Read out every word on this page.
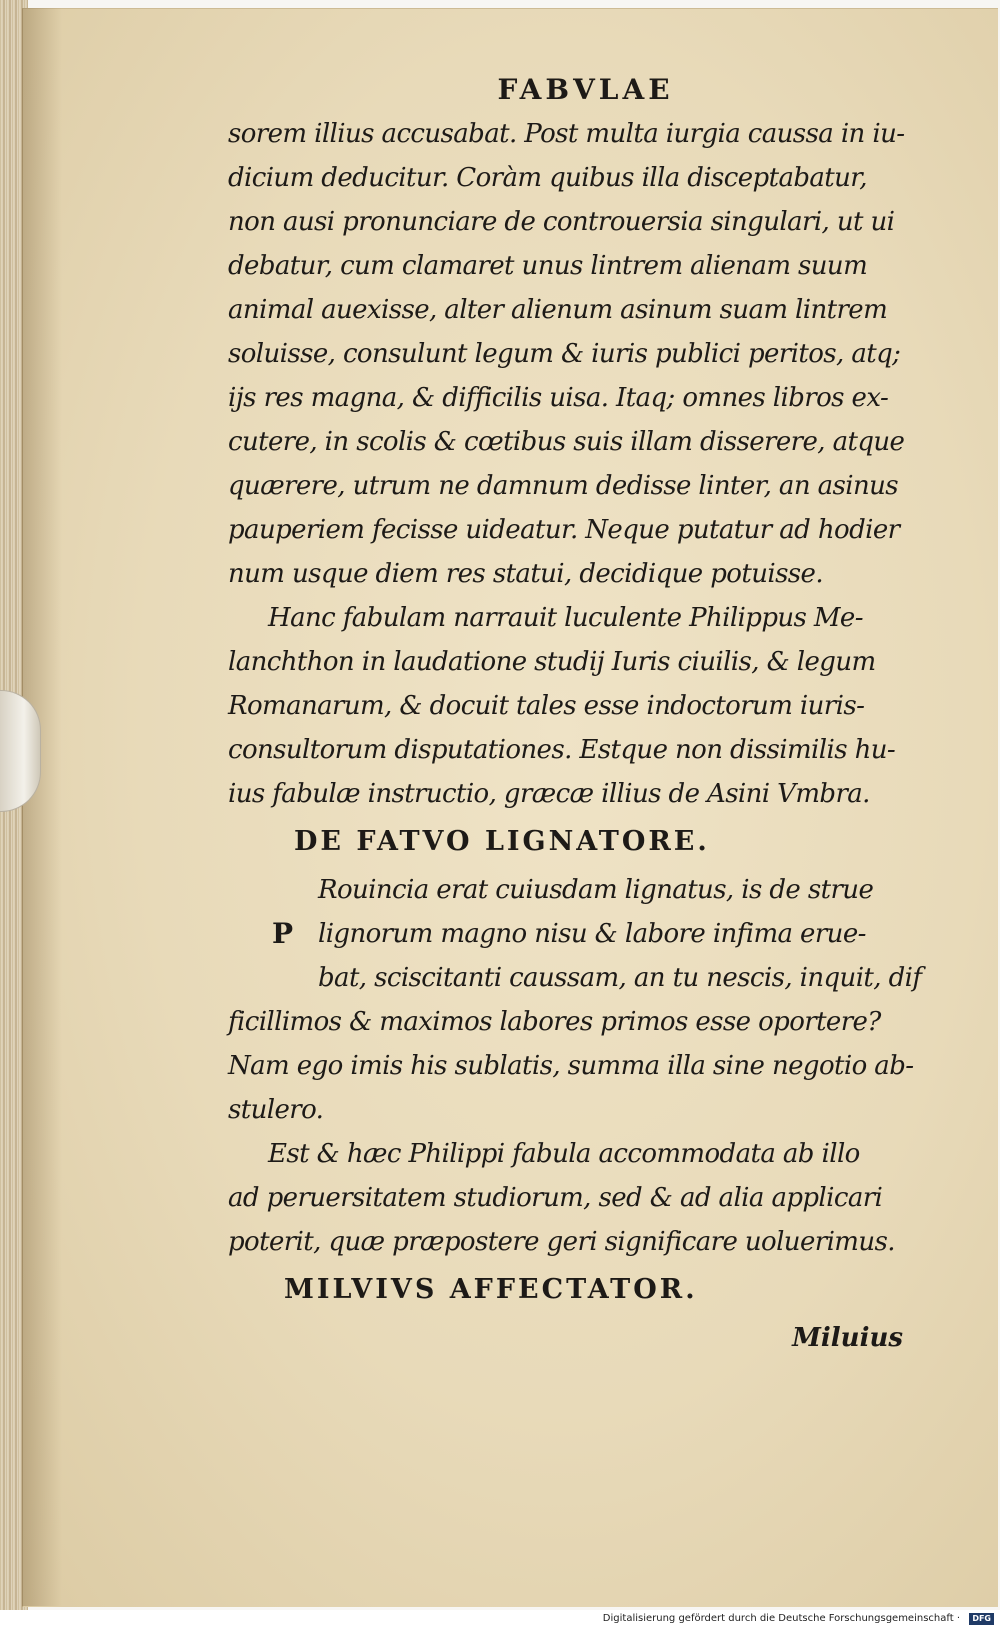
FABVLAE
sorem illius accusabat. Post multa iurgia caussa in iu-
dicium deducitur. Coràm quibus illa disceptabatur,
non ausi pronunciare de controuersia singulari, ut ui
debatur, cum clamaret unus lintrem alienam suum
animal auexisse, alter alienum asinum suam lintrem
soluisse, consulunt legum & iuris publici peritos, atq;
ijs res magna, & difficilis uisa. Itaq; omnes libros ex-
cutere, in scolis & cœtibus suis illam disserere, atque
quærere, utrum ne damnum dedisse linter, an asinus
pauperiem fecisse uideatur. Neque putatur ad hodier
num usque diem res statui, decidique potuisse.
Hanc fabulam narrauit luculente Philippus Me-
lanchthon in laudatione studij Iuris ciuilis, & legum
Romanarum, & docuit tales esse indoctorum iuris-
consultorum disputationes. Estque non dissimilis hu-
ius fabulæ instructio, græcæ illius de Asini Vmbra.
DE FATVO LIGNATORE.
P
Rouincia erat cuiusdam lignatus, is de strue
lignorum magno nisu & labore infima erue-
bat, sciscitanti caussam, an tu nescis, inquit, dif
ficillimos & maximos labores primos esse oportere?
Nam ego imis his sublatis, summa illa sine negotio ab-
stulero.
Est & hæc Philippi fabula accommodata ab illo
ad peruersitatem studiorum, sed & ad alia applicari
poterit, quæ præpostere geri significare uoluerimus.
MILVIVS AFFECTATOR.
Miluius
Digitalisierung gefördert durch die Deutsche Forschungsgemeinschaft ·	DFG
